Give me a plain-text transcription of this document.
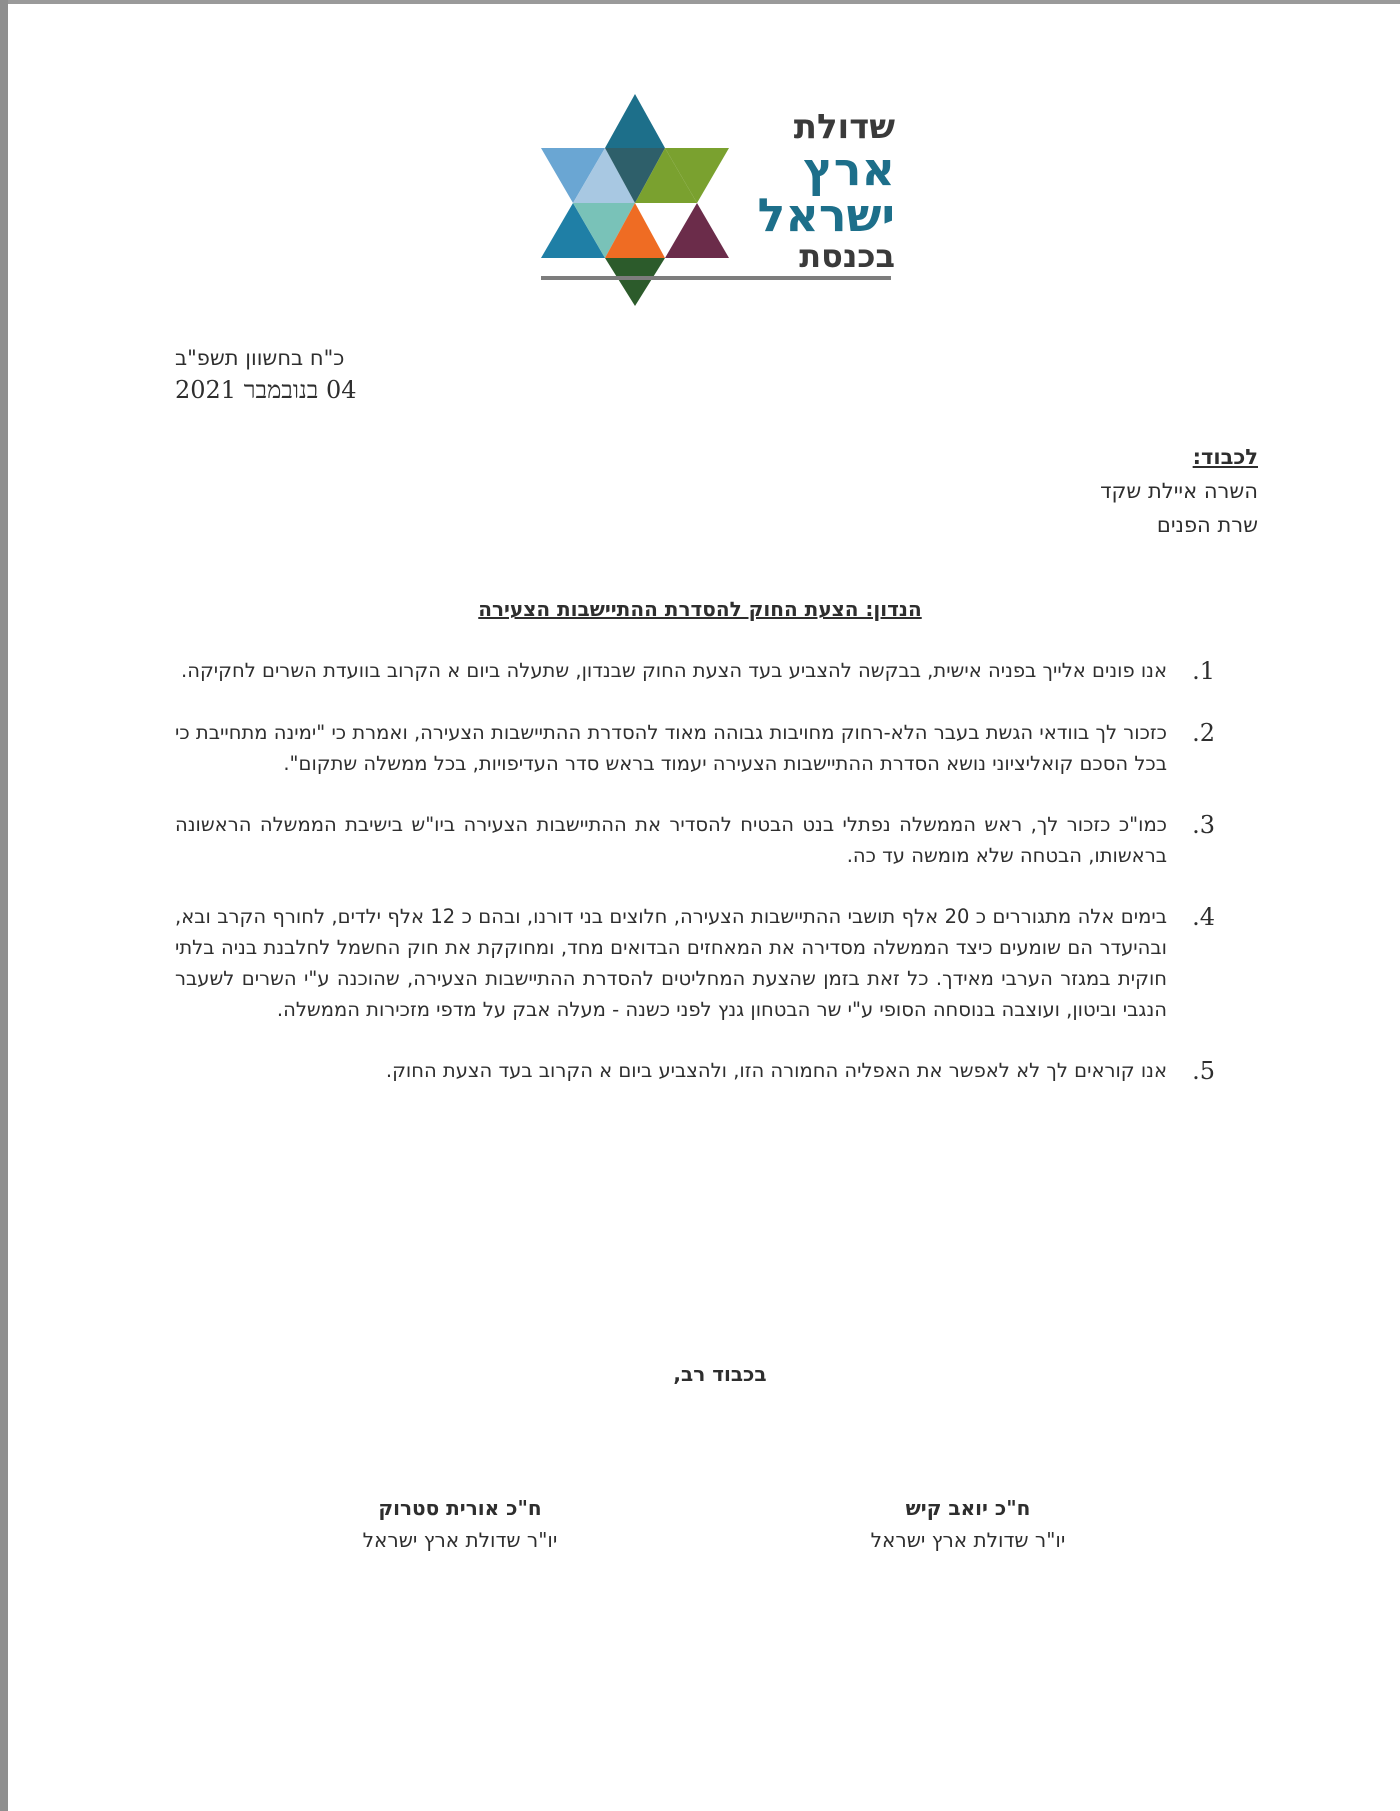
שדולת
ארץ
ישראל
בכנסת
כ"ח בחשוון תשפ"ב
04 בנובמבר 2021
לכבוד:
השרה איילת שקד
שרת הפנים
הנדון: הצעת החוק להסדרת ההתיישבות הצעירה
1.
אנו פונים אלייך בפניה אישית, בבקשה להצביע בעד הצעת החוק שבנדון, שתעלה ביום א הקרוב בוועדת השרים לחקיקה.
2.
כזכור לך בוודאי הגשת בעבר הלא-רחוק מחויבות גבוהה מאוד להסדרת ההתיישבות הצעירה, ואמרת כי "ימינה מתחייבת כי בכל הסכם קואליציוני נושא הסדרת ההתיישבות הצעירה יעמוד בראש סדר העדיפויות, בכל ממשלה שתקום".
3.
כמו"כ כזכור לך, ראש הממשלה נפתלי בנט הבטיח להסדיר את ההתיישבות הצעירה ביו"ש בישיבת הממשלה הראשונה בראשותו, הבטחה שלא מומשה עד כה.
4.
בימים אלה מתגוררים כ 20 אלף תושבי ההתיישבות הצעירה, חלוצים בני דורנו, ובהם כ 12 אלף ילדים, לחורף הקרב ובא, ובהיעדר הם שומעים כיצד הממשלה מסדירה את המאחזים הבדואים מחד, ומחוקקת את חוק החשמל לחלבנת בניה בלתי חוקית במגזר הערבי מאידך. כל זאת בזמן שהצעת המחליטים להסדרת ההתיישבות הצעירה, שהוכנה ע"י השרים לשעבר הנגבי וביטון, ועוצבה בנוסחה הסופי ע"י שר הבטחון גנץ לפני כשנה - מעלה אבק על מדפי מזכירות הממשלה.
5.
אנו קוראים לך לא לאפשר את האפליה החמורה הזו, ולהצביע ביום א הקרוב בעד הצעת החוק.
בכבוד רב,
ח"כ יואב קיש
יו"ר שדולת ארץ ישראל
ח"כ אורית סטרוק
יו"ר שדולת ארץ ישראל
